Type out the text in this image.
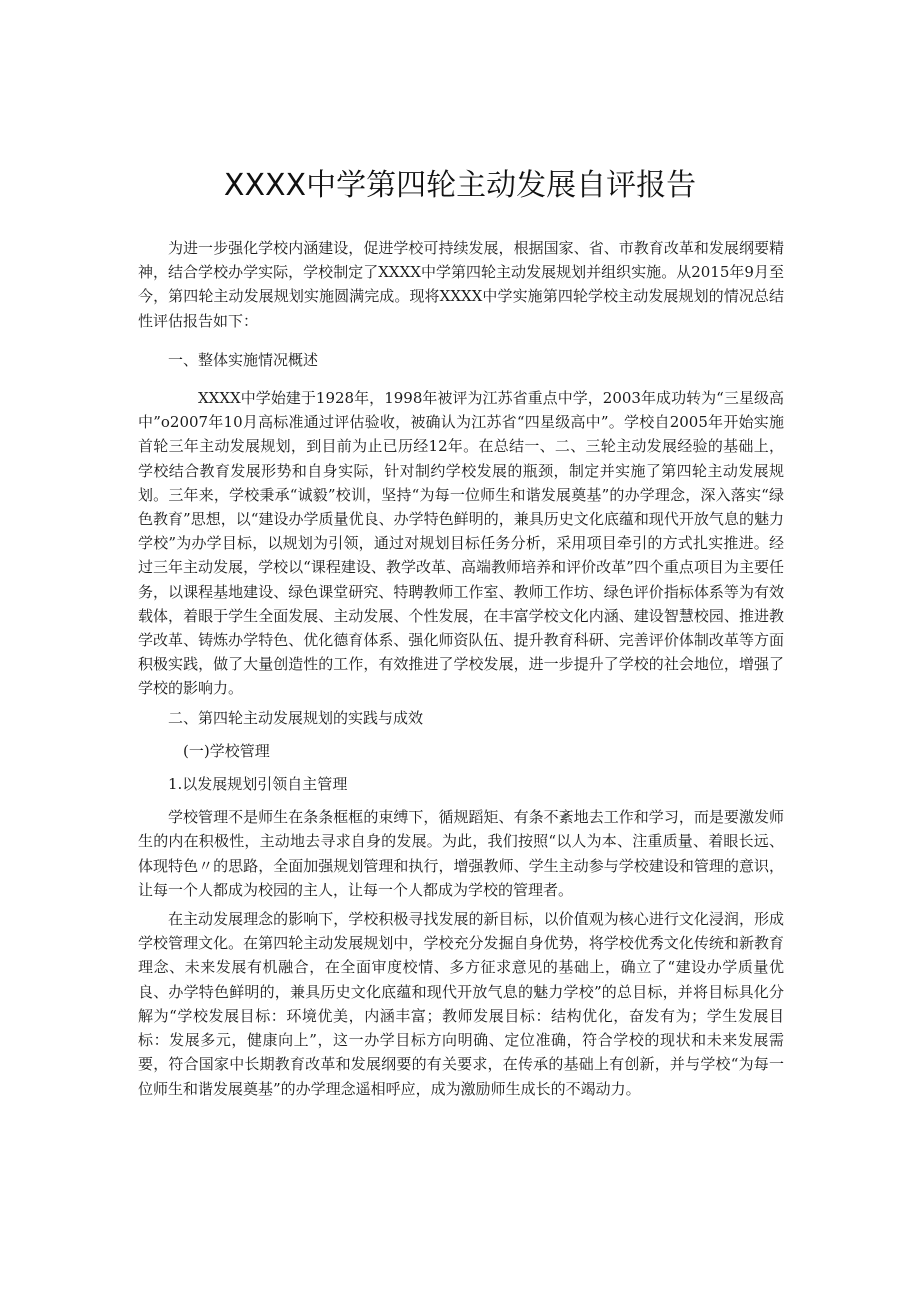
XXXX中学第四轮主动发展自评报告

为进一步强化学校内涵建设，促进学校可持续发展，根据国家、省、市教育改革和发展纲要精神，结合学校办学实际，学校制定了XXXX中学第四轮主动发展规划并组织实施。从2015年9月至今，第四轮主动发展规划实施圆满完成。现将XXXX中学实施第四轮学校主动发展规划的情况总结性评估报告如下：

一、整体实施情况概述

XXXX中学始建于1928年，1998年被评为江苏省重点中学，2003年成功转为“三星级高中”o2007年10月高标准通过评估验收，被确认为江苏省“四星级高中”。学校自2005年开始实施首轮三年主动发展规划，到目前为止已历经12年。在总结一、二、三轮主动发展经验的基础上，学校结合教育发展形势和自身实际，针对制约学校发展的瓶颈，制定并实施了第四轮主动发展规划。三年来，学校秉承“诚毅”校训，坚持“为每一位师生和谐发展奠基”的办学理念，深入落实“绿色教育”思想，以“建设办学质量优良、办学特色鲜明的，兼具历史文化底蕴和现代开放气息的魅力学校”为办学目标，以规划为引领，通过对规划目标任务分析，采用项目牵引的方式扎实推进。经过三年主动发展，学校以“课程建设、教学改革、高端教师培养和评价改革”四个重点项目为主要任务，以课程基地建设、绿色课堂研究、特聘教师工作室、教师工作坊、绿色评价指标体系等为有效载体，着眼于学生全面发展、主动发展、个性发展，在丰富学校文化内涵、建设智慧校园、推进教学改革、铸炼办学特色、优化德育体系、强化师资队伍、提升教育科研、完善评价体制改革等方面积极实践，做了大量创造性的工作，有效推进了学校发展，进一步提升了学校的社会地位，增强了学校的影响力。

二、第四轮主动发展规划的实践与成效

(一)学校管理

1.以发展规划引领自主管理

学校管理不是师生在条条框框的束缚下，循规蹈矩、有条不紊地去工作和学习，而是要激发师生的内在积极性，主动地去寻求自身的发展。为此，我们按照“以人为本、注重质量、着眼长远、体现特色〃的思路，全面加强规划管理和执行，增强教师、学生主动参与学校建设和管理的意识，让每一个人都成为校园的主人，让每一个人都成为学校的管理者。

在主动发展理念的影响下，学校积极寻找发展的新目标，以价值观为核心进行文化浸润，形成学校管理文化。在第四轮主动发展规划中，学校充分发掘自身优势，将学校优秀文化传统和新教育理念、未来发展有机融合，在全面审度校情、多方征求意见的基础上，确立了“建设办学质量优良、办学特色鲜明的，兼具历史文化底蕴和现代开放气息的魅力学校”的总目标，并将目标具化分解为“学校发展目标：环境优美，内涵丰富；教师发展目标：结构优化，奋发有为；学生发展目标：发展多元，健康向上”，这一办学目标方向明确、定位准确，符合学校的现状和未来发展需要，符合国家中长期教育改革和发展纲要的有关要求，在传承的基础上有创新，并与学校“为每一位师生和谐发展奠基”的办学理念遥相呼应，成为激励师生成长的不竭动力。
